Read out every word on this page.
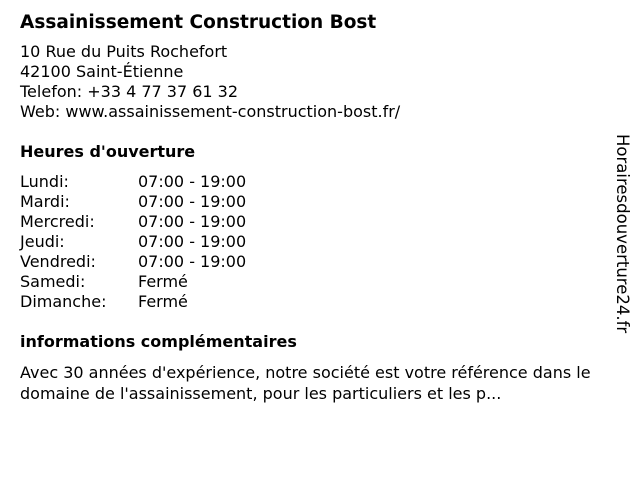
Assainissement Construction Bost
10 Rue du Puits Rochefort
42100 Saint-Étienne
Telefon: +33 4 77 37 61 32
Web: www.assainissement-construction-bost.fr/
Heures d'ouverture
Lundi:	07:00 - 19:00
Mardi:	07:00 - 19:00
Mercredi:	07:00 - 19:00
Jeudi:	07:00 - 19:00
Vendredi:	07:00 - 19:00
Samedi:	Fermé
Dimanche:	Fermé
informations complémentaires
Avec 30 années d'expérience, notre société est votre référence dans le domaine de l'assainissement, pour les particuliers et les p...
Horairesdouverture24.fr
